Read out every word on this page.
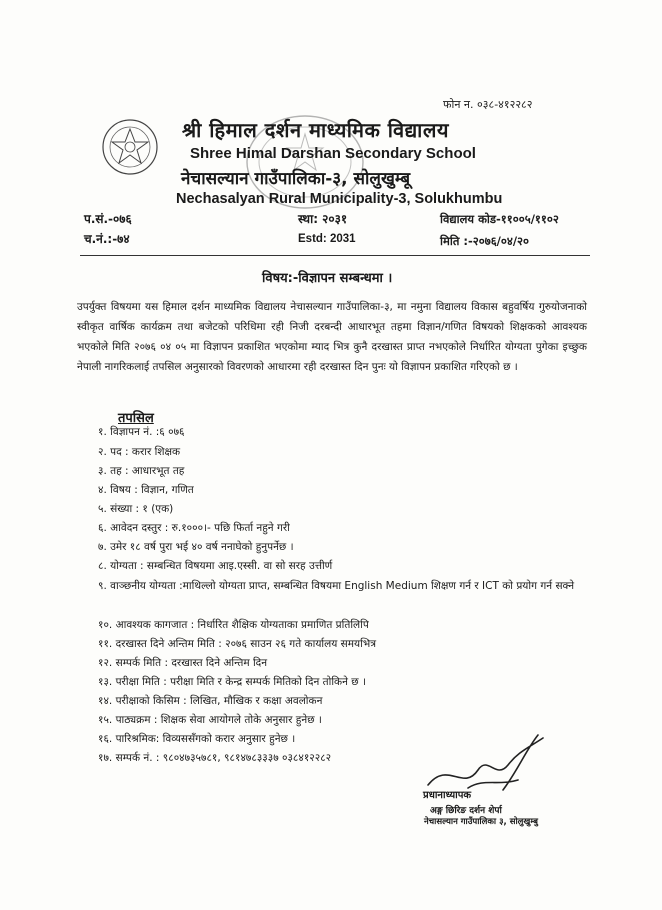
फोन न. ०३८-४१२२८२
श्री हिमाल दर्शन माध्यमिक विद्यालय
Shree Himal Darshan Secondary School
नेचासल्यान गाउँपालिका-३, सोलुखुम्बू
Nechasalyan Rural Municipality-3, Solukhumbu
प.सं.-०७६
च.नं.:-७४
स्था: २०३१
Estd: 2031
विद्यालय कोड-११००५/११०२
मिति :-२०७६/०४/२०
विषय:-विज्ञापन सम्बन्धमा ।
उपर्युक्त विषयमा यस हिमाल दर्शन माध्यमिक विद्यालय नेचासल्यान गाउँपालिका-३, मा नमुना विद्यालय विकास बहुवर्षिय गुरुयोजनाको स्वीकृत वार्षिक कार्यक्रम तथा बजेटको परिधिमा रही निजी दरबन्दी आधारभूत तहमा विज्ञान/गणित विषयको शिक्षकको आवश्यक भएकोले मिति २०७६ ०४ ०५ मा विज्ञापन प्रकाशित भएकोमा म्याद भित्र कुनै दरखास्त प्राप्त नभएकोले निर्धारित योग्यता पुगेका इच्छुक नेपाली नागरिकलाई तपसिल अनुसारको विवरणको आधारमा रही दरखास्त दिन पुनः यो विज्ञापन प्रकाशित गरिएको छ ।
तपसिल
१. विज्ञापन नं. :६ ०७६
२. पद : करार शिक्षक
३. तह : आधारभूत तह
४. विषय : विज्ञान, गणित
५. संख्या : १ (एक)
६. आवेदन दस्तुर : रु.१०००।- पछि फिर्ता नहुने गरी
७. उमेर १८ वर्ष पुरा भई ४० वर्ष ननाघेको हुनुपर्नेछ ।
८. योग्यता : सम्बन्धित विषयमा आइ.एस्सी. वा सो सरह उत्तीर्ण
९. वाञ्छनीय योग्यता :माथिल्लो योग्यता प्राप्त, सम्बन्धित विषयमा English Medium शिक्षण गर्न र ICT को प्रयोग गर्न सक्ने
१०. आवश्यक कागजात : निर्धारित शैक्षिक योग्यताका प्रमाणित प्रतिलिपि
११. दरखास्त दिने अन्तिम मिति : २०७६ साउन २६ गते कार्यालय समयभित्र
१२. सम्पर्क मिति : दरखास्त दिने अन्तिम दिन
१३. परीक्षा मिति : परीक्षा मिति र केन्द्र सम्पर्क मितिको दिन तोकिने छ ।
१४. परीक्षाको किसिम : लिखित, मौखिक र कक्षा अवलोकन
१५. पाठ्यक्रम : शिक्षक सेवा आयोगले तोके अनुसार हुनेछ ।
१६. पारिश्रमिक: विव्यससँगको करार अनुसार हुनेछ ।
१७. सम्पर्क नं. : ९८०४७३५७८१, ९८१४७८३३३७ ०३८४१२२८२
प्रधानाध्यापक
अङ्ग छिरिङ दर्शन शेर्पा
नेचासल्यान गाउँपालिका ३, सोलुखुम्बु
